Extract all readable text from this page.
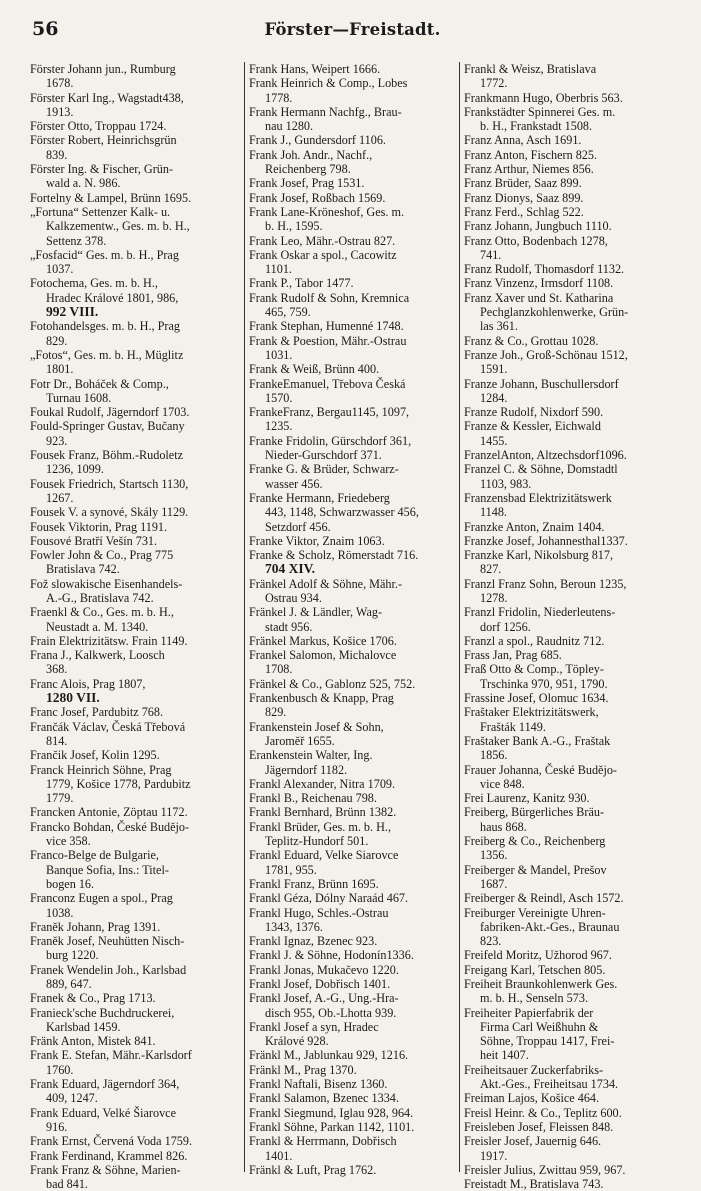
56	Förster—Freistadt.
Förster Johann jun., Rumburg
1678.
Förster Karl Ing., Wagstadt438,
1913.
Förster Otto, Troppau 1724.
Förster Robert, Heinrichsgrün
839.
Förster Ing. & Fischer, Grün-
wald a. N. 986.
Fortelny & Lampel, Brünn 1695.
„Fortuna“ Settenzer Kalk- u.
Kalkzementw., Ges. m. b. H.,
Settenz 378.
„Fosfacid“ Ges. m. b. H., Prag
1037.
Fotochema, Ges. m. b. H.,
Hradec Králové 1801, 986,
992 VIII.
Fotohandelsges. m. b. H., Prag
829.
„Fotos“, Ges. m. b. H., Müglitz
1801.
Fotr Dr., Boháček & Comp.,
Turnau 1608.
Foukal Rudolf, Jägerndorf 1703.
Fould-Springer Gustav, Bučany
923.
Fousek Franz, Böhm.-Rudoletz
1236, 1099.
Fousek Friedrich, Startsch 1130,
1267.
Fousek V. a synové, Skály 1129.
Fousek Viktorin, Prag 1191.
Fousové Bratří Vešín 731.
Fowler John & Co., Prag 775
Bratislava 742.
Fož slowakische Eisenhandels-
A.-G., Bratislava 742.
Fraenkl & Co., Ges. m. b. H.,
Neustadt a. M. 1340.
Frain Elektrizitätsw. Frain 1149.
Frana J., Kalkwerk, Loosch
368.
Franc Alois, Prag 1807,
1280 VII.
Franc Josef, Pardubitz 768.
Frančák Václav, Česká Třebová
814.
Frančik Josef, Kolin 1295.
Franck Heinrich Söhne, Prag
1779, Košice 1778, Pardubitz
1779.
Francken Antonie, Zöptau 1172.
Francko Bohdan, České Budějo-
vice 358.
Franco-Belge de Bulgarie,
Banque Sofia, Ins.: Titel-
bogen 16.
Franconz Eugen a spol., Prag
1038.
Franěk Johann, Prag 1391.
Franěk Josef, Neuhütten Nisch-
burg 1220.
Franek Wendelin Joh., Karlsbad
889, 647.
Franek & Co., Prag 1713.
Franieck'sche Buchdruckerei,
Karlsbad 1459.
Fränk Anton, Mistek 841.
Frank E. Stefan, Mähr.-Karlsdorf
1760.
Frank Eduard, Jägerndorf 364,
409, 1247.
Frank Eduard, Velké Šiarovce
916.
Frank Ernst, Červená Voda 1759.
Frank Ferdinand, Krammel 826.
Frank Franz & Söhne, Marien-
bad 841.
Frank Hans, Weipert 1666.
Frank Heinrich & Comp., Lobes
1778.
Frank Hermann Nachfg., Brau-
nau 1280.
Frank J., Gundersdorf 1106.
Frank Joh. Andr., Nachf.,
Reichenberg 798.
Frank Josef, Prag 1531.
Frank Josef, Roßbach 1569.
Frank Lane-Kröneshof, Ges. m.
b. H., 1595.
Frank Leo, Mähr.-Ostrau 827.
Frank Oskar a spol., Cacowitz
1101.
Frank P., Tabor 1477.
Frank Rudolf & Sohn, Kremnica
465, 759.
Frank Stephan, Humenné 1748.
Frank & Poestion, Mähr.-Ostrau
1031.
Frank & Weiß, Brünn 400.
FrankeEmanuel, Třebova Česká
1570.
FrankeFranz, Bergau1145, 1097,
1235.
Franke Fridolin, Gürschdorf 361,
Nieder-Gurschdorf 371.
Franke G. & Brüder, Schwarz-
wasser 456.
Franke Hermann, Friedeberg
443, 1148, Schwarzwasser 456,
Setzdorf 456.
Franke Viktor, Znaim 1063.
Franke & Scholz, Römerstadt 716.
704 XIV.
Fränkel Adolf & Söhne, Mähr.-
Ostrau 934.
Fränkel J. & Ländler, Wag-
stadt 956.
Fränkel Markus, Košice 1706.
Frankel Salomon, Michalovce
1708.
Fränkel & Co., Gablonz 525, 752.
Frankenbusch & Knapp, Prag
829.
Frankenstein Josef & Sohn,
Jaroměř 1655.
Erankenstein Walter, Ing.
Jägerndorf 1182.
Frankl Alexander, Nitra 1709.
Frankl B., Reichenau 798.
Frankl Bernhard, Brünn 1382.
Frankl Brüder, Ges. m. b. H.,
Teplitz-Hundorf 501.
Frankl Eduard, Velke Siarovce
1781, 955.
Frankl Franz, Brünn 1695.
Frankl Géza, Dólny Naraád 467.
Frankl Hugo, Schles.-Ostrau
1343, 1376.
Frankl Ignaz, Bzenec 923.
Frankl J. & Söhne, Hodonín1336.
Frankl Jonas, Mukačevo 1220.
Frankl Josef, Dobřisch 1401.
Frankl Josef, A.-G., Ung.-Hra-
disch 955, Ob.-Lhotta 939.
Frankl Josef a syn, Hradec
Králové 928.
Fränkl M., Jablunkau 929, 1216.
Fränkl M., Prag 1370.
Frankl Naftali, Bisenz 1360.
Frankl Salamon, Bzenec 1334.
Frankl Siegmund, Iglau 928, 964.
Frankl Söhne, Parkan 1142, 1101.
Frankl & Herrmann, Dobřisch
1401.
Fränkl & Luft, Prag 1762.
Frankl & Weisz, Bratislava
1772.
Frankmann Hugo, Oberbris 563.
Frankstädter Spinnerei Ges. m.
b. H., Frankstadt 1508.
Franz Anna, Asch 1691.
Franz Anton, Fischern 825.
Franz Arthur, Niemes 856.
Franz Brüder, Saaz 899.
Franz Dionys, Saaz 899.
Franz Ferd., Schlag 522.
Franz Johann, Jungbuch 1110.
Franz Otto, Bodenbach 1278,
741.
Franz Rudolf, Thomasdorf 1132.
Franz Vinzenz, Irmsdorf 1108.
Franz Xaver und St. Katharina
Pechglanzkohlenwerke, Grün-
las 361.
Franz & Co., Grottau 1028.
Franze Joh., Groß-Schönau 1512,
1591.
Franze Johann, Buschullersdorf
1284.
Franze Rudolf, Nixdorf 590.
Franze & Kessler, Eichwald
1455.
FranzelAnton, Altzechsdorf1096.
Franzel C. & Söhne, Domstadtl
1103, 983.
Franzensbad Elektrizitätswerk
1148.
Franzke Anton, Znaim 1404.
Franzke Josef, Johannesthal1337.
Franzke Karl, Nikolsburg 817,
827.
Franzl Franz Sohn, Beroun 1235,
1278.
Franzl Fridolin, Niederleutens-
dorf 1256.
Franzl a spol., Raudnitz 712.
Frass Jan, Prag 685.
Fraß Otto & Comp., Töpley-
Trschinka 970, 951, 1790.
Frassine Josef, Olomuc 1634.
Fraštaker Elektrizitätswerk,
Frašták 1149.
Fraštaker Bank A.-G., Fraštak
1856.
Frauer Johanna, České Budějo-
vice 848.
Frei Laurenz, Kanitz 930.
Freiberg, Bürgerliches Bräu-
haus 868.
Freiberg & Co., Reichenberg
1356.
Freiberger & Mandel, Prešov
1687.
Freiberger & Reindl, Asch 1572.
Freiburger Vereinigte Uhren-
fabriken-Akt.-Ges., Braunau
823.
Freifeld Moritz, Užhorod 967.
Freigang Karl, Tetschen 805.
Freiheit Braunkohlenwerk Ges.
m. b. H., Senseln 573.
Freiheiter Papierfabrik der
Firma Carl Weißhuhn &
Söhne, Troppau 1417, Frei-
heit 1407.
Freiheitsauer Zuckerfabriks-
Akt.-Ges., Freiheitsau 1734.
Freiman Lajos, Košice 464.
Freisl Heinr. & Co., Teplitz 600.
Freisleben Josef, Fleissen 848.
Freisler Josef, Jauernig 646.
1917.
Freisler Julius, Zwittau 959, 967.
Freistadt M., Bratislava 743.
